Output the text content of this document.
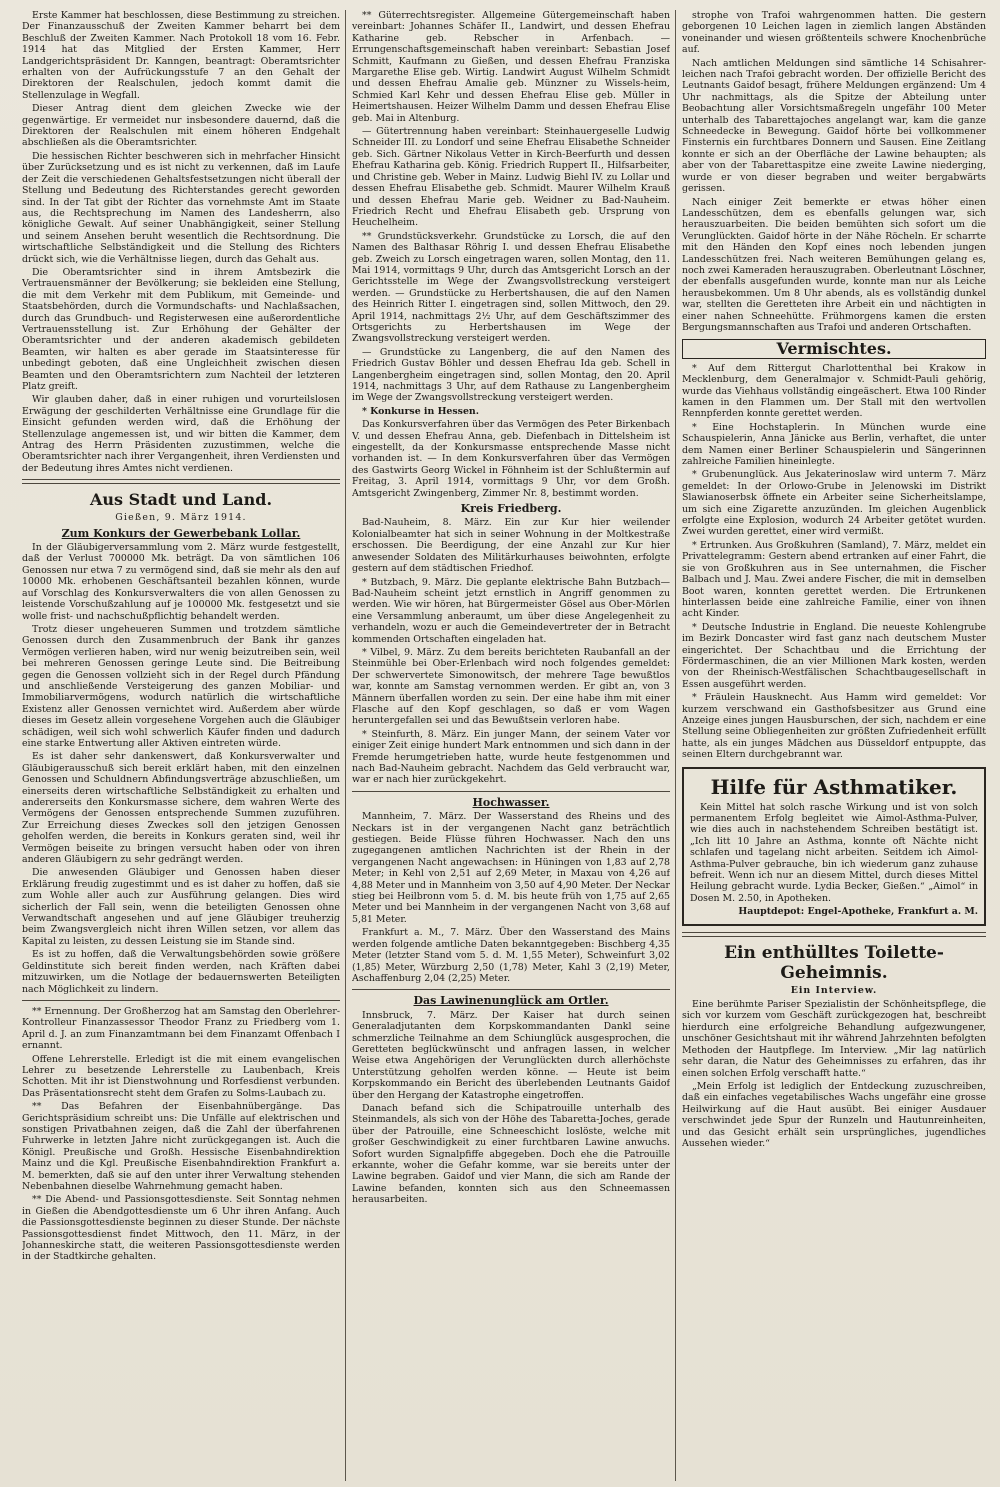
Erste Kammer hat beschlossen, diese Bestimmung zu streichen. Der Finanzausschuß der Zweiten Kammer beharrt bei dem Beschluß der Zweiten Kammer. Nach Protokoll 18 vom 16. Febr. 1914 hat das Mitglied der Ersten Kammer, Herr Landgerichtspräsident Dr. Kanngen, beantragt: Oberamtsrichter erhalten von der Aufrückungsstufe 7 an den Gehalt der Direktoren der Realschulen, jedoch kommt damit die Stellenzulage in Wegfall.

Dieser Antrag dient dem gleichen Zwecke wie der gegenwärtige. Er vermeidet nur insbesondere dauernd, daß die Direktoren der Realschulen mit einem höheren Endgehalt abschließen als die Oberamtsrichter.

Die hessischen Richter beschweren sich in mehrfacher Hinsicht über Zurücksetzung und es ist nicht zu verkennen, daß im Laufe der Zeit die verschiedenen Gehaltsfestsetzungen nicht überall der Stellung und Bedeutung des Richterstandes gerecht geworden sind. In der Tat gibt der Richter das vornehmste Amt im Staate aus, die Rechtsprechung im Namen des Landesherrn, also königliche Gewalt. Auf seiner Unabhängigkeit, seiner Stellung und seinem Ansehen beruht wesentlich die Rechtsordnung. Die wirtschaftliche Selbständigkeit und die Stellung des Richters drückt sich, wie die Verhältnisse liegen, durch das Gehalt aus.

Die Oberamtsrichter sind in ihrem Amtsbezirk die Vertrauensmänner der Bevölkerung; sie bekleiden eine Stellung, die mit dem Verkehr mit dem Publikum, mit Gemeinde- und Staatsbehörden, durch die Vormundschafts- und Nachlaßsachen, durch das Grundbuch- und Registerwesen eine außerordentliche Vertrauensstellung ist. Zur Erhöhung der Gehälter der Oberamtsrichter und der anderen akademisch gebildeten Beamten, wir halten es aber gerade im Staatsinteresse für unbedingt geboten, daß eine Ungleichheit zwischen diesen Beamten und den Oberamtsrichtern zum Nachteil der letzteren Platz greift.

Wir glauben daher, daß in einer ruhigen und vorurteilslosen Erwägung der geschilderten Verhältnisse eine Grundlage für die Einsicht gefunden werden wird, daß die Erhöhung der Stellenzulage angemessen ist, und wir bitten die Kammer, dem Antrag des Herrn Präsidenten zuzustimmen, welche die Oberamtsrichter nach ihrer Vergangenheit, ihren Verdiensten und der Bedeutung ihres Amtes nicht verdienen.

Aus Stadt und Land.

Gießen, 9. März 1914.

Zum Konkurs der Gewerbebank Lollar.

In der Gläubigerversammlung vom 2. März wurde festgestellt, daß der Verlust 700000 Mk. beträgt. Da von sämtlichen 106 Genossen nur etwa 7 zu vermögend sind, daß sie mehr als den auf 10000 Mk. erhobenen Geschäftsanteil bezahlen können, wurde auf Vorschlag des Konkursverwalters die von allen Genossen zu leistende Vorschußzahlung auf je 100000 Mk. festgesetzt und sie wolle frist- und nachschußpflichtig behandelt werden.

Trotz dieser ungeheueren Summen und trotzdem sämtliche Genossen durch den Zusammenbruch der Bank ihr ganzes Vermögen verlieren haben, wird nur wenig beizutreiben sein, weil bei mehreren Genossen geringe Leute sind. Die Beitreibung gegen die Genossen vollzieht sich in der Regel durch Pfändung und anschließende Versteigerung des ganzen Mobiliar- und Immobiliarvermögens, wodurch natürlich die wirtschaftliche Existenz aller Genossen vernichtet wird. Außerdem aber würde dieses im Gesetz allein vorgesehene Vorgehen auch die Gläubiger schädigen, weil sich wohl schwerlich Käufer finden und dadurch eine starke Entwertung aller Aktiven eintreten würde.

Es ist daher sehr dankenswert, daß Konkursverwalter und Gläubigerausschuß sich bereit erklärt haben, mit den einzelnen Genossen und Schuldnern Abfindungsverträge abzuschließen, um einerseits deren wirtschaftliche Selbständigkeit zu erhalten und andererseits den Konkursmasse sichere, dem wahren Werte des Vermögens der Genossen entsprechende Summen zuzuführen. Zur Erreichung dieses Zweckes soll den jetzigen Genossen geholfen werden, die bereits in Konkurs geraten sind, weil ihr Vermögen beiseite zu bringen versucht haben oder von ihren anderen Gläubigern zu sehr gedrängt werden.

Die anwesenden Gläubiger und Genossen haben dieser Erklärung freudig zugestimmt und es ist daher zu hoffen, daß sie zum Wohle aller auch zur Ausführung gelangen. Dies wird sicherlich der Fall sein, wenn die beteiligten Genossen ohne Verwandtschaft angesehen und auf jene Gläubiger treuherzig beim Zwangsvergleich nicht ihren Willen setzen, vor allem das Kapital zu leisten, zu dessen Leistung sie im Stande sind.

Es ist zu hoffen, daß die Verwaltungsbehörden sowie größere Geldinstitute sich bereit finden werden, nach Kräften dabei mitzuwirken, um die Notlage der bedauernswerten Beteiligten nach Möglichkeit zu lindern.

** Ernennung. Der Großherzog hat am Samstag den Oberlehrer-Kontrolleur Finanzassessor Theodor Franz zu Friedberg vom 1. April d. J. an zum Finanzamtmann bei dem Finanzamt Offenbach I ernannt.

Offene Lehrerstelle. Erledigt ist die mit einem evangelischen Lehrer zu besetzende Lehrerstelle zu Laubenbach, Kreis Schotten. Mit ihr ist Dienstwohnung und Rorfesdienst verbunden. Das Präsentationsrecht steht dem Grafen zu Solms-Laubach zu.

** Das Befahren der Eisenbahnübergänge. Das Gerichtspräsidium schreibt uns: Die Unfälle auf elektrischen und sonstigen Privatbahnen zeigen, daß die Zahl der überfahrenen Fuhrwerke in letzten Jahre nicht zurückgegangen ist. Auch die Königl. Preußische und Großh. Hessische Eisenbahndirektion Mainz und die Kgl. Preußische Eisenbahndirektion Frankfurt a. M. bemerkten, daß sie auf den unter ihrer Verwaltung stehenden Nebenbahnen dieselbe Wahrnehmung gemacht haben.

** Die Abend- und Passionsgottesdienste. Seit Sonntag nehmen in Gießen die Abendgottesdienste um 6 Uhr ihren Anfang. Auch die Passionsgottesdienste beginnen zu dieser Stunde. Der nächste Passionsgottesdienst findet Mittwoch, den 11. März, in der Johanneskirche statt, die weiteren Passionsgottesdienste werden in der Stadtkirche gehalten.

** Güterrechtsregister. Allgemeine Gütergemeinschaft haben vereinbart: Johannes Schäfer II., Landwirt, und dessen Ehefrau Katharine geb. Rebscher in Arfenbach. — Errungenschaftsgemeinschaft haben vereinbart: Sebastian Josef Schmitt, Kaufmann zu Gießen, und dessen Ehefrau Franziska Margarethe Elise geb. Wirtig. Landwirt August Wilhelm Schmidt und dessen Ehefrau Amalie geb. Münzner zu Wissels-heim, Schmied Karl Kehr und dessen Ehefrau Elise geb. Müller in Heimertshausen. Heizer Wilhelm Damm und dessen Ehefrau Elise geb. Mai in Altenburg.

— Gütertrennung haben vereinbart: Steinhauergeselle Ludwig Schneider III. zu Londorf und seine Ehefrau Elisabethe Schneider geb. Sich. Gärtner Nikolaus Vetter in Kirch-Beerfurth und dessen Ehefrau Katharina geb. König. Friedrich Ruppert II., Hilfsarbeiter, und Christine geb. Weber in Mainz. Ludwig Biehl IV. zu Lollar und dessen Ehefrau Elisabethe geb. Schmidt. Maurer Wilhelm Krauß und dessen Ehefrau Marie geb. Weidner zu Bad-Nauheim. Friedrich Recht und Ehefrau Elisabeth geb. Ursprung von Heuchelheim.

** Grundstücksverkehr. Grundstücke zu Lorsch, die auf den Namen des Balthasar Röhrig I. und dessen Ehefrau Elisabethe geb. Zweich zu Lorsch eingetragen waren, sollen Montag, den 11. Mai 1914, vormittags 9 Uhr, durch das Amtsgericht Lorsch an der Gerichtsstelle im Wege der Zwangsvollstreckung versteigert werden. — Grundstücke zu Herbertshausen, die auf den Namen des Heinrich Ritter I. eingetragen sind, sollen Mittwoch, den 29. April 1914, nachmittags 2½ Uhr, auf dem Geschäftszimmer des Ortsgerichts zu Herbertshausen im Wege der Zwangsvollstreckung versteigert werden.

— Grundstücke zu Langenberg, die auf den Namen des Friedrich Gustav Böhler und dessen Ehefrau Ida geb. Schell in Langenbergheim eingetragen sind, sollen Montag, den 20. April 1914, nachmittags 3 Uhr, auf dem Rathause zu Langenbergheim im Wege der Zwangsvollstreckung versteigert werden.

* Konkurse in Hessen.

Das Konkursverfahren über das Vermögen des Peter Birkenbach V. und dessen Ehefrau Anna, geb. Diefenbach in Dittelsheim ist eingestellt, da der Konkursmasse entsprechende Masse nicht vorhanden ist. — In dem Konkursverfahren über das Vermögen des Gastwirts Georg Wickel in Föhnheim ist der Schlußtermin auf Freitag, 3. April 1914, vormittags 9 Uhr, vor dem Großh. Amtsgericht Zwingenberg, Zimmer Nr. 8, bestimmt worden.

Kreis Friedberg.

Bad-Nauheim, 8. März. Ein zur Kur hier weilender Kolonialbeamter hat sich in seiner Wohnung in der Moltkestraße erschossen. Die Beerdigung, der eine Anzahl zur Kur hier anwesender Soldaten des Militärkurhauses beiwohnten, erfolgte gestern auf dem städtischen Friedhof.

* Butzbach, 9. März. Die geplante elektrische Bahn Butzbach—Bad-Nauheim scheint jetzt ernstlich in Angriff genommen zu werden. Wie wir hören, hat Bürgermeister Gösel aus Ober-Mörlen eine Versammlung anberaumt, um über diese Angelegenheit zu verhandeln, wozu er auch die Gemeindevertreter der in Betracht kommenden Ortschaften eingeladen hat.

* Vilbel, 9. März. Zu dem bereits berichteten Raubanfall an der Steinmühle bei Ober-Erlenbach wird noch folgendes gemeldet: Der schwervertete Simonowitsch, der mehrere Tage bewußtlos war, konnte am Samstag vernommen werden. Er gibt an, von 3 Männern überfallen worden zu sein. Der eine habe ihm mit einer Flasche auf den Kopf geschlagen, so daß er vom Wagen heruntergefallen sei und das Bewußtsein verloren habe.

* Steinfurth, 8. März. Ein junger Mann, der seinem Vater vor einiger Zeit einige hundert Mark entnommen und sich dann in der Fremde herumgetrieben hatte, wurde heute festgenommen und nach Bad-Nauheim gebracht. Nachdem das Geld verbraucht war, war er nach hier zurückgekehrt.

Hochwasser.

Mannheim, 7. März. Der Wasserstand des Rheins und des Neckars ist in der vergangenen Nacht ganz beträchtlich gestiegen. Beide Flüsse führen Hochwasser. Nach den uns zugegangenen amtlichen Nachrichten ist der Rhein in der vergangenen Nacht angewachsen: in Hüningen von 1,83 auf 2,78 Meter; in Kehl von 2,51 auf 2,69 Meter, in Maxau von 4,26 auf 4,88 Meter und in Mannheim von 3,50 auf 4,90 Meter. Der Neckar stieg bei Heilbronn vom 5. d. M. bis heute früh von 1,75 auf 2,65 Meter und bei Mannheim in der vergangenen Nacht von 3,68 auf 5,81 Meter.

Frankfurt a. M., 7. März. Über den Wasserstand des Mains werden folgende amtliche Daten bekanntgegeben: Bischberg 4,35 Meter (letzter Stand vom 5. d. M. 1,55 Meter), Schweinfurt 3,02 (1,85) Meter, Würzburg 2,50 (1,78) Meter, Kahl 3 (2,19) Meter, Aschaffenburg 2,04 (2,25) Meter.

Das Lawinenunglück am Ortler.

Innsbruck, 7. März. Der Kaiser hat durch seinen Generaladjutanten dem Korpskommandanten Dankl seine schmerzliche Teilnahme an dem Schiunglück ausgesprochen, die Geretteten beglückwünscht und anfragen lassen, in welcher Weise etwa Angehörigen der Verunglückten durch allerhöchste Unterstützung geholfen werden könne. — Heute ist beim Korpskommando ein Bericht des überlebenden Leutnants Gaidof über den Hergang der Katastrophe eingetroffen.

Danach befand sich die Schipatrouille unterhalb des Steinmandels, als sich von der Höhe des Tabaretta-Joches, gerade über der Patrouille, eine Schneeschicht loslöste, welche mit großer Geschwindigkeit zu einer furchtbaren Lawine anwuchs. Sofort wurden Signalpfiffe abgegeben. Doch ehe die Patrouille erkannte, woher die Gefahr komme, war sie bereits unter der Lawine begraben. Gaidof und vier Mann, die sich am Rande der Lawine befanden, konnten sich aus den Schneemassen herausarbeiten.

strophe von Trafoi wahrgenommen hatten. Die gestern geborgenen 10 Leichen lagen in ziemlich langen Abständen voneinander und wiesen größtenteils schwere Knochenbrüche auf.

Nach amtlichen Meldungen sind sämtliche 14 Schisahrer-leichen nach Trafoi gebracht worden. Der offizielle Bericht des Leutnants Gaidof besagt, frühere Meldungen ergänzend: Um 4 Uhr nachmittags, als die Spitze der Abteilung unter Beobachtung aller Vorsichtsmaßregeln ungefähr 100 Meter unterhalb des Tabarettajoches angelangt war, kam die ganze Schneedecke in Bewegung. Gaidof hörte bei vollkommener Finsternis ein furchtbares Donnern und Sausen. Eine Zeitlang konnte er sich an der Oberfläche der Lawine behaupten; als aber von der Tabarettaspitze eine zweite Lawine niederging, wurde er von dieser begraben und weiter bergabwärts gerissen.

Nach einiger Zeit bemerkte er etwas höher einen Landesschützen, dem es ebenfalls gelungen war, sich herauszuarbeiten. Die beiden bemühten sich sofort um die Verunglückten. Gaidof hörte in der Nähe Röcheln. Er scharrte mit den Händen den Kopf eines noch lebenden jungen Landesschützen frei. Nach weiteren Bemühungen gelang es, noch zwei Kameraden herauszugraben. Oberleutnant Löschner, der ebenfalls ausgefunden wurde, konnte man nur als Leiche herausbekommen. Um 8 Uhr abends, als es vollständig dunkel war, stellten die Geretteten ihre Arbeit ein und nächtigten in einer nahen Schneehütte. Frühmorgens kamen die ersten Bergungsmannschaften aus Trafoi und anderen Ortschaften.

Vermischtes.

* Auf dem Rittergut Charlottenthal bei Krakow in Mecklenburg, dem Generalmajor v. Schmidt-Pauli gehörig, wurde das Viehhaus vollständig eingeäschert. Etwa 100 Rinder kamen in den Flammen um. Der Stall mit den wertvollen Rennpferden konnte gerettet werden.

* Eine Hochstaplerin. In München wurde eine Schauspielerin, Anna Jänicke aus Berlin, verhaftet, die unter dem Namen einer Berliner Schauspielerin und Sängerinnen zahlreiche Familien hineinlegte.

* Grubenunglück. Aus Jekaterinoslaw wird unterm 7. März gemeldet: In der Orlowo-Grube in Jelenowski im Distrikt Slawianoserbsk öffnete ein Arbeiter seine Sicherheitslampe, um sich eine Zigarette anzuzünden. Im gleichen Augenblick erfolgte eine Explosion, wodurch 24 Arbeiter getötet wurden. Zwei wurden gerettet, einer wird vermißt.

* Ertrunken. Aus Großkuhren (Samland), 7. März, meldet ein Privattelegramm: Gestern abend ertranken auf einer Fahrt, die sie von Großkuhren aus in See unternahmen, die Fischer Balbach und J. Mau. Zwei andere Fischer, die mit in demselben Boot waren, konnten gerettet werden. Die Ertrunkenen hinterlassen beide eine zahlreiche Familie, einer von ihnen acht Kinder.

* Deutsche Industrie in England. Die neueste Kohlengrube im Bezirk Doncaster wird fast ganz nach deutschem Muster eingerichtet. Der Schachtbau und die Errichtung der Fördermaschinen, die an vier Millionen Mark kosten, werden von der Rheinisch-Westfälischen Schachtbaugesellschaft in Essen ausgeführt werden.

* Fräulein Hausknecht. Aus Hamm wird gemeldet: Vor kurzem verschwand ein Gasthofsbesitzer aus Grund eine Anzeige eines jungen Hausburschen, der sich, nachdem er eine Stellung seine Obliegenheiten zur größten Zufriedenheit erfüllt hatte, als ein junges Mädchen aus Düsseldorf entpuppte, das seinen Eltern durchgebrannt war.

Hilfe für Asthmatiker.

Kein Mittel hat solch rasche Wirkung und ist von solch permanentem Erfolg begleitet wie Aimol-Asthma-Pulver, wie dies auch in nachstehendem Schreiben bestätigt ist. „Ich litt 10 Jahre an Asthma, konnte oft Nächte nicht schlafen und tagelang nicht arbeiten. Seitdem ich Aimol-Asthma-Pulver gebrauche, bin ich wiederum ganz zuhause befreit. Wenn ich nur an diesem Mittel, durch dieses Mittel Heilung gebracht wurde. Lydia Becker, Gießen.“ „Aimol“ in Dosen M. 2.50, in Apotheken.

Hauptdepot: Engel-Apotheke, Frankfurt a. M.

Ein enthülltes Toilette-Geheimnis.

Ein Interview.

Eine berühmte Pariser Spezialistin der Schönheitspflege, die sich vor kurzem vom Geschäft zurückgezogen hat, beschreibt hierdurch eine erfolgreiche Behandlung aufgezwungener, unschöner Gesichtshaut mit ihr während Jahrzehnten befolgten Methoden der Hautpflege. Im Interview. „Mir lag natürlich sehr daran, die Natur des Geheimnisses zu erfahren, das ihr einen solchen Erfolg verschafft hatte.“

„Mein Erfolg ist lediglich der Entdeckung zuzuschreiben, daß ein einfaches vegetabilisches Wachs ungefähr eine grosse Heilwirkung auf die Haut ausübt. Bei einiger Ausdauer verschwindet jede Spur der Runzeln und Hautunreinheiten, und das Gesicht erhält sein ursprüngliches, jugendliches Aussehen wieder.“
